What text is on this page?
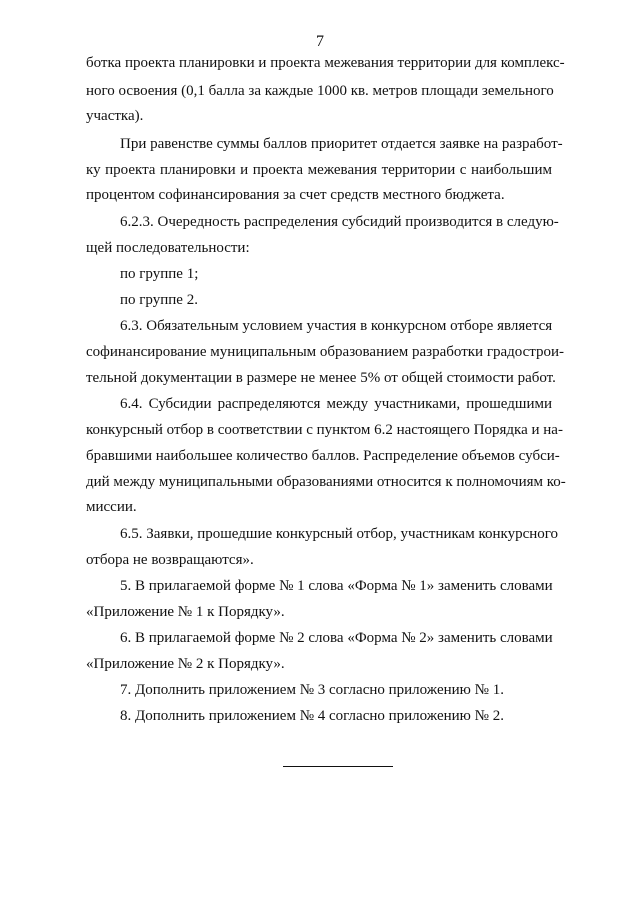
7
ботка проекта планировки и проекта межевания территории для комплекс-
ного освоения (0,1 балла за каждые 1000 кв. метров площади земельного
участка).
При равенстве суммы баллов приоритет отдается заявке на разработ-
ку проекта планировки и проекта межевания территории с наибольшим
процентом софинансирования за счет средств местного бюджета.
6.2.3. Очередность распределения субсидий производится в следую-
щей последовательности:
по группе 1;
по группе 2.
6.3. Обязательным условием участия в конкурсном отборе является
софинансирование муниципальным образованием разработки градострои-
тельной документации в размере не менее 5% от общей стоимости работ.
6.4. Субсидии распределяются между участниками, прошедшими
конкурсный отбор в соответствии с пунктом 6.2 настоящего Порядка и на-
бравшими наибольшее количество баллов. Распределение объемов субси-
дий между муниципальными образованиями относится к полномочиям ко-
миссии.
6.5. Заявки, прошедшие конкурсный отбор, участникам конкурсного
отбора не возвращаются».
5. В прилагаемой форме № 1 слова «Форма № 1» заменить словами
«Приложение № 1 к Порядку».
6. В прилагаемой форме № 2 слова «Форма № 2» заменить словами
«Приложение № 2 к Порядку».
7. Дополнить приложением № 3 согласно приложению № 1.
8. Дополнить приложением № 4 согласно приложению № 2.
